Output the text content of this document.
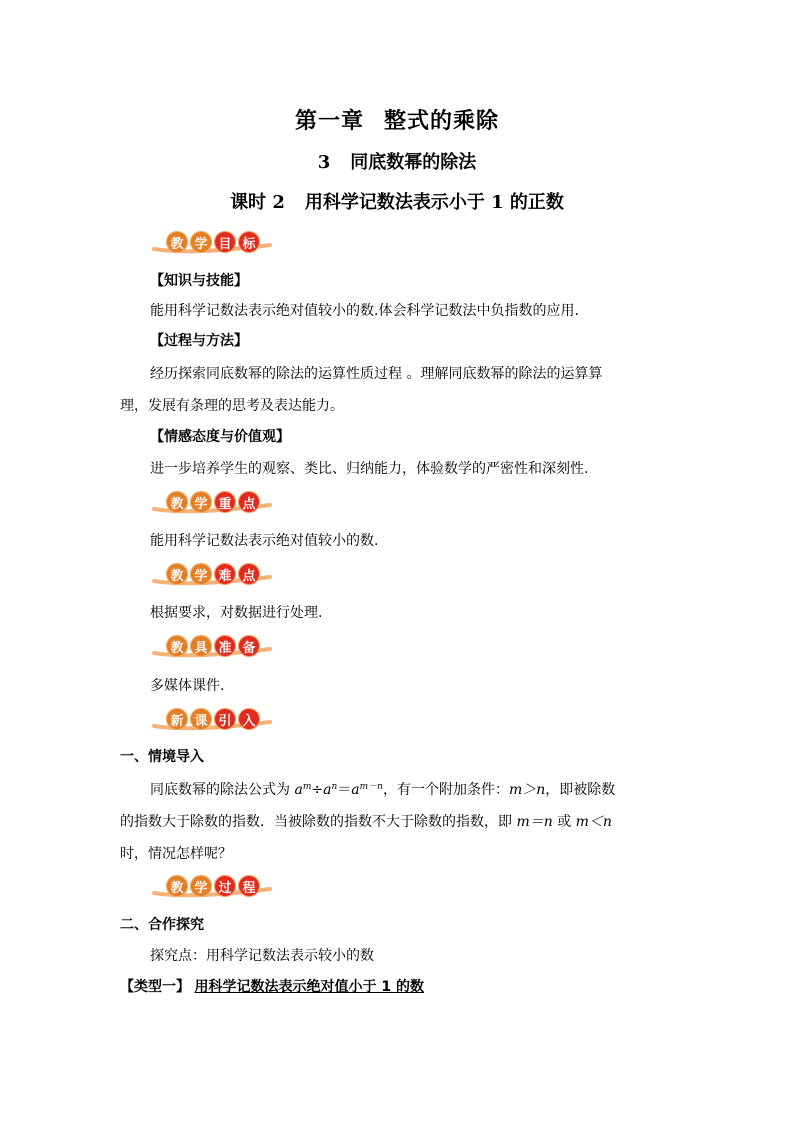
第一章 整式的乘除
3 同底数幂的除法
课时 2 用科学记数法表示小于 1 的正数
教 学 目 标
【知识与技能】
能用科学记数法表示绝对值较小的数.体会科学记数法中负指数的应用.
【过程与方法】
经历探索同底数幂的除法的运算性质过程 。理解同底数幂的除法的运算算
理，发展有条理的思考及表达能力。
【情感态度与价值观】
进一步培养学生的观察、类比、归纳能力，体验数学的严密性和深刻性.
教 学 重 点
能用科学记数法表示绝对值较小的数.
教 学 难 点
根据要求，对数据进行处理.
教 具 准 备
多媒体课件.
新 课 引 入
一、情境导入
同底数幂的除法公式为 $a^m\div a^n=a^{m-n}$，有一个附加条件：m＞n，即被除数
的指数大于除数的指数．当被除数的指数不大于除数的指数，即 m＝n 或 m＜n
时，情况怎样呢？
教 学 过 程
二、合作探究
探究点：用科学记数法表示较小的数
【类型一】 用科学记数法表示绝对值小于 1 的数
